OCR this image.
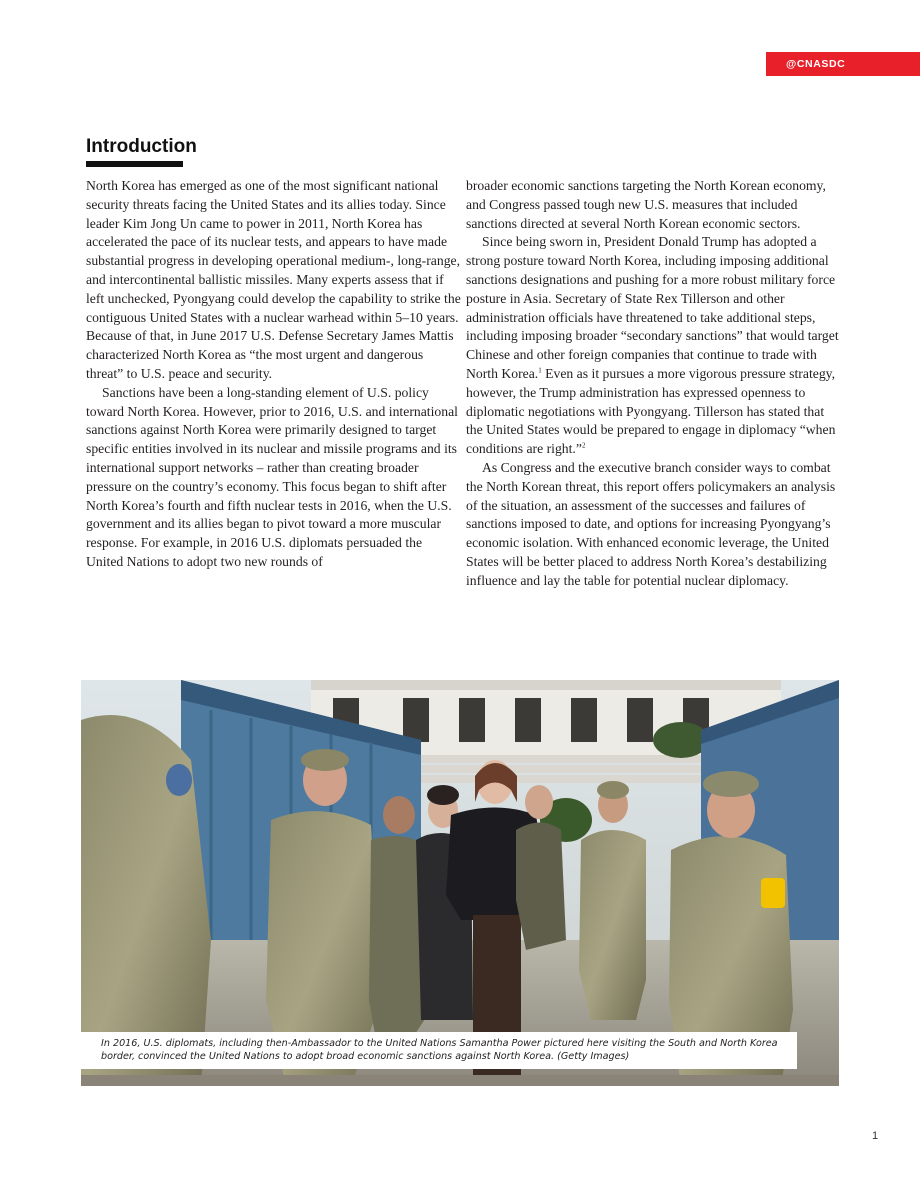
@CNASDC
Introduction

North Korea has emerged as one of the most significant national security threats facing the United States and its allies today. Since leader Kim Jong Un came to power in 2011, North Korea has accelerated the pace of its nuclear tests, and appears to have made substantial progress in developing operational medium-, long-range, and intercontinental ballistic missiles. Many experts assess that if left unchecked, Pyongyang could develop the capability to strike the contiguous United States with a nuclear warhead within 5–10 years. Because of that, in June 2017 U.S. Defense Secretary James Mattis characterized North Korea as “the most urgent and dangerous threat” to U.S. peace and security.

Sanctions have been a long-standing element of U.S. policy toward North Korea. However, prior to 2016, U.S. and international sanctions against North Korea were primarily designed to target specific entities involved in its nuclear and missile programs and its international support networks – rather than creating broader pressure on the country’s economy. This focus began to shift after North Korea’s fourth and fifth nuclear tests in 2016, when the U.S. government and its allies began to pivot toward a more muscular response. For example, in 2016 U.S. diplomats persuaded the United Nations to adopt two new rounds of

broader economic sanctions targeting the North Korean economy, and Congress passed tough new U.S. measures that included sanctions directed at several North Korean economic sectors.

Since being sworn in, President Donald Trump has adopted a strong posture toward North Korea, including imposing additional sanctions designations and pushing for a more robust military force posture in Asia. Secretary of State Rex Tillerson and other administration officials have threatened to take additional steps, including imposing broader “secondary sanctions” that would target Chinese and other foreign companies that continue to trade with North Korea.$^1$ Even as it pursues a more vigorous pressure strategy, however, the Trump administration has expressed openness to diplomatic negotiations with Pyongyang. Tillerson has stated that the United States would be prepared to engage in diplomacy “when conditions are right.”$^2$

As Congress and the executive branch consider ways to combat the North Korean threat, this report offers policymakers an analysis of the situation, an assessment of the successes and failures of sanctions imposed to date, and options for increasing Pyongyang’s economic isolation. With enhanced economic leverage, the United States will be better placed to address North Korea’s destabilizing influence and lay the table for potential nuclear diplomacy.

In 2016, U.S. diplomats, including then-Ambassador to the United Nations Samantha Power pictured here visiting the South and North Korea border, convinced the United Nations to adopt broad economic sanctions against North Korea. (Getty Images)
1
